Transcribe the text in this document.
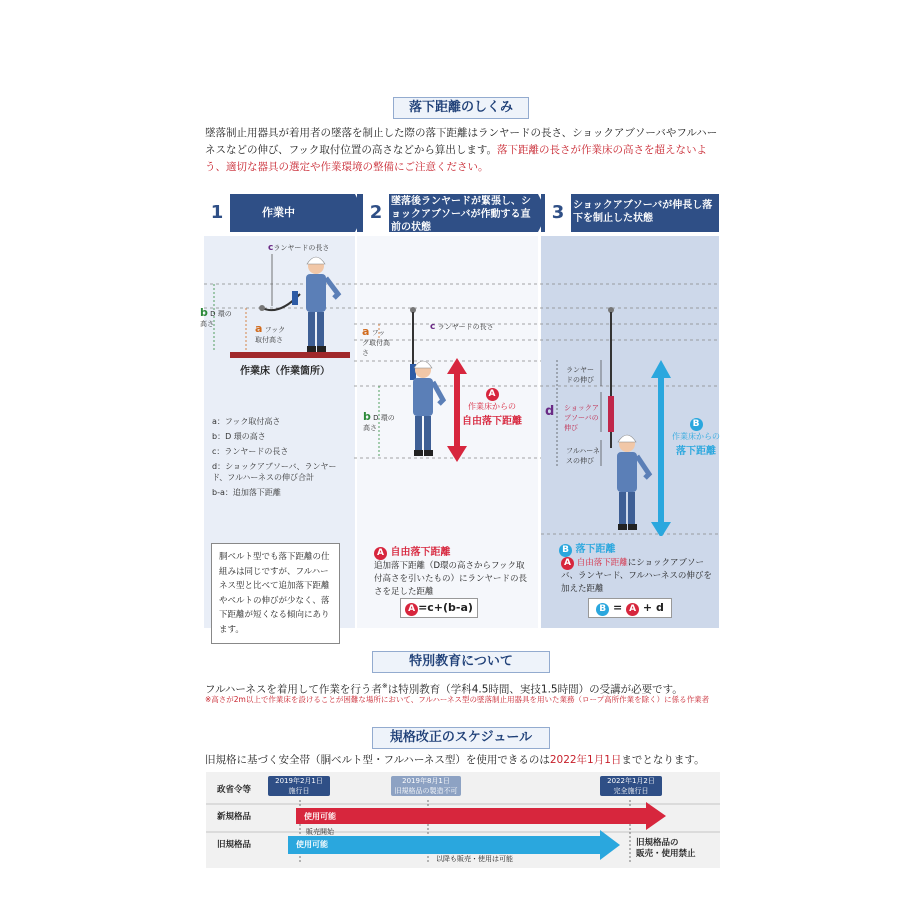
落下距離のしくみ
墜落制止用器具が着用者の墜落を制止した際の落下距離はランヤードの長さ、ショックアブソーバやフルハーネスなどの伸び、フック取付位置の高さなどから算出します。落下距離の長さが作業床の高さを超えないよう、適切な器具の選定や作業環境の整備にご注意ください。
1	作業中	2
墜落後ランヤードが緊張し、ショックアブソーバが作動する直前の状態
3 ショックアブソーバが伸長し落下を制止した状態
cランヤードの長さ
b D 環の高さ	a フック取付高さ
作業床（作業箇所）
a：フック取付高さ
b：D 環の高さ
c：ランヤードの長さ
d：ショックアブソーバ、ランヤード、フルハーネスの伸び合計
b-a：追加落下距離
胴ベルト型でも落下距離の仕組みは同じですが、フルハーネス型と比べて追加落下距離やベルトの伸びが少なく、落下距離が短くなる傾向にあります。
a フック取付高さ
c ランヤードの長さ
b D 環の高さ
A
作業床からの
自由落下距離
A 自由落下距離
追加落下距離（D環の高さからフック取付高さを引いたもの）にランヤードの長さを足した距離
A =c+(b-a)
ランヤードの伸び
ショックアブソーバの伸び
フルハーネスの伸び
d
B
作業床からの
落下距離
B 落下距離
A 自由落下距離にショックアブソーバ、ランヤード、フルハーネスの伸びを加えた距離
B = A + d
特別教育について
フルハーネスを着用して作業を行う者※は特別教育（学科4.5時間、実技1.5時間）の受講が必要です。
※高さが2m以上で作業床を設けることが困難な場所において、フルハーネス型の墜落制止用器具を用いた業務（ロープ高所作業を除く）に係る作業者
規格改正のスケジュール
旧規格に基づく安全帯（胴ベルト型・フルハーネス型）を使用できるのは2022年1月1日までとなります。
政省令等
新規格品
旧規格品
2019年2月1日
施行日
2019年8月1日
旧規格品の製造不可
2022年1月2日
完全施行日
使用可能
販売開始
使用可能
以降も販売・使用は可能
旧規格品の
販売・使用禁止
